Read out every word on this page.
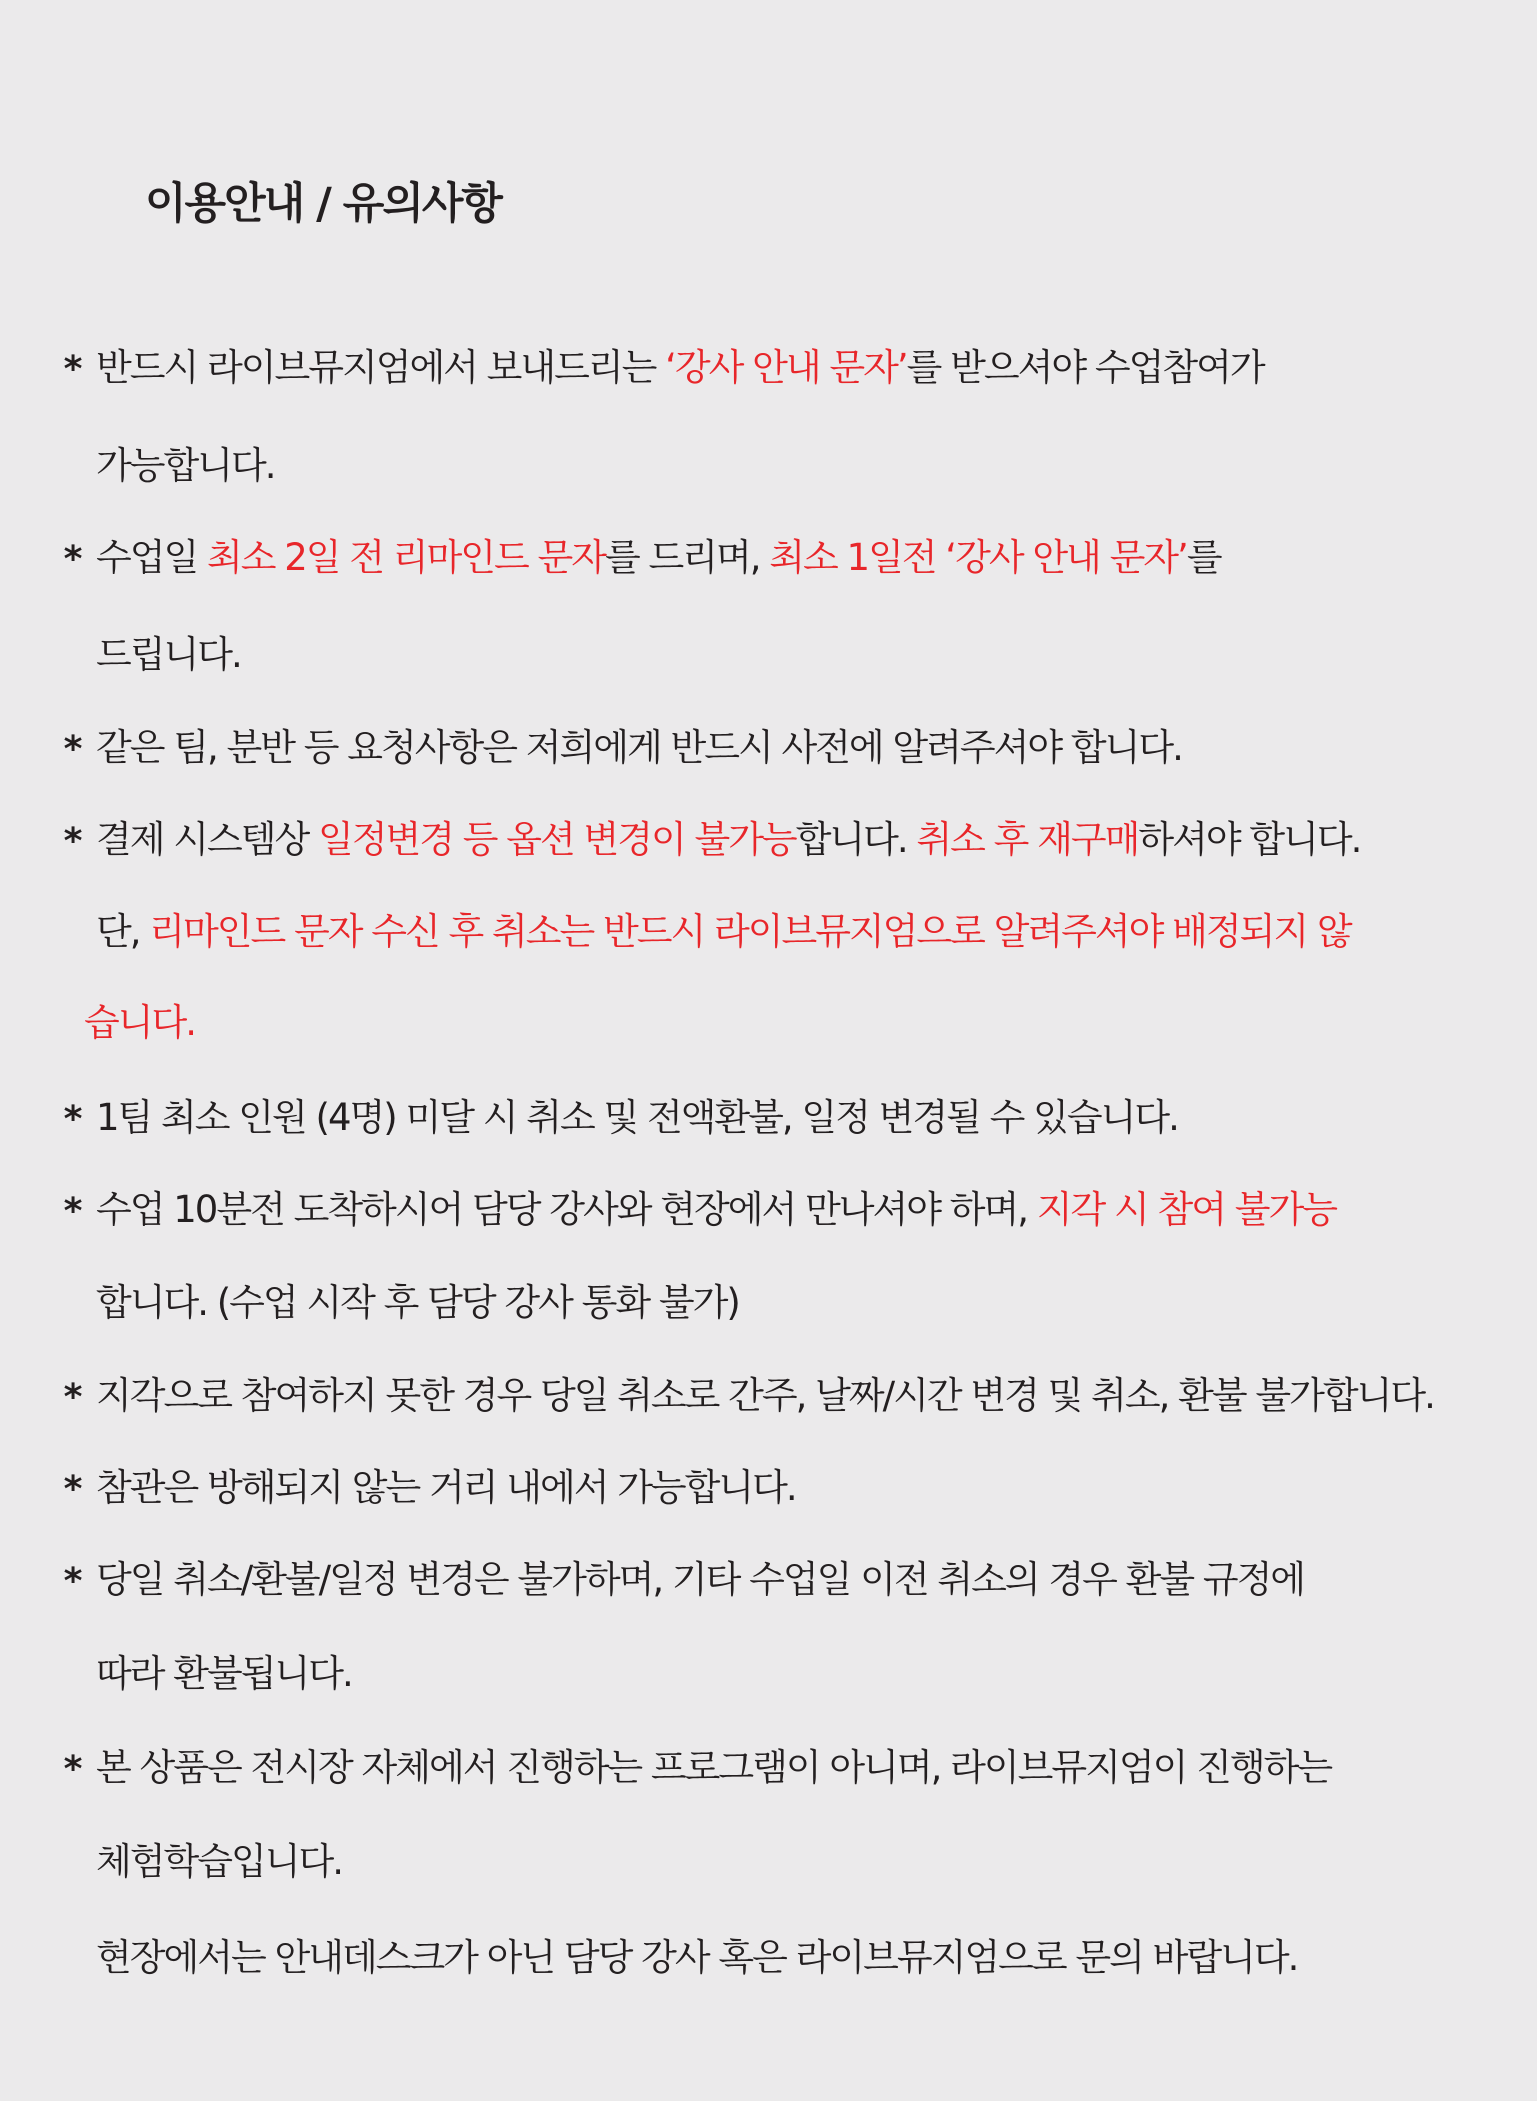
이용안내 / 유의사항
* 반드시 라이브뮤지엄에서 보내드리는 ‘강사 안내 문자’를 받으셔야 수업참여가
가능합니다.
* 수업일 최소 2일 전 리마인드 문자를 드리며, 최소 1일전 ‘강사 안내 문자’를
드립니다.
* 같은 팀, 분반 등 요청사항은 저희에게 반드시 사전에 알려주셔야 합니다.
* 결제 시스템상 일정변경 등 옵션 변경이 불가능합니다. 취소 후 재구매하셔야 합니다.
단, 리마인드 문자 수신 후 취소는 반드시 라이브뮤지엄으로 알려주셔야 배정되지 않
습니다.
* 1팀 최소 인원 (4명) 미달 시 취소 및 전액환불, 일정 변경될 수 있습니다.
* 수업 10분전 도착하시어 담당 강사와 현장에서 만나셔야 하며, 지각 시 참여 불가능
합니다. (수업 시작 후 담당 강사 통화 불가)
* 지각으로 참여하지 못한 경우 당일 취소로 간주, 날짜/시간 변경 및 취소, 환불 불가합니다.
* 참관은 방해되지 않는 거리 내에서 가능합니다.
* 당일 취소/환불/일정 변경은 불가하며, 기타 수업일 이전 취소의 경우 환불 규정에
따라 환불됩니다.
* 본 상품은 전시장 자체에서 진행하는 프로그램이 아니며, 라이브뮤지엄이 진행하는
체험학습입니다.
현장에서는 안내데스크가 아닌 담당 강사 혹은 라이브뮤지엄으로 문의 바랍니다.
